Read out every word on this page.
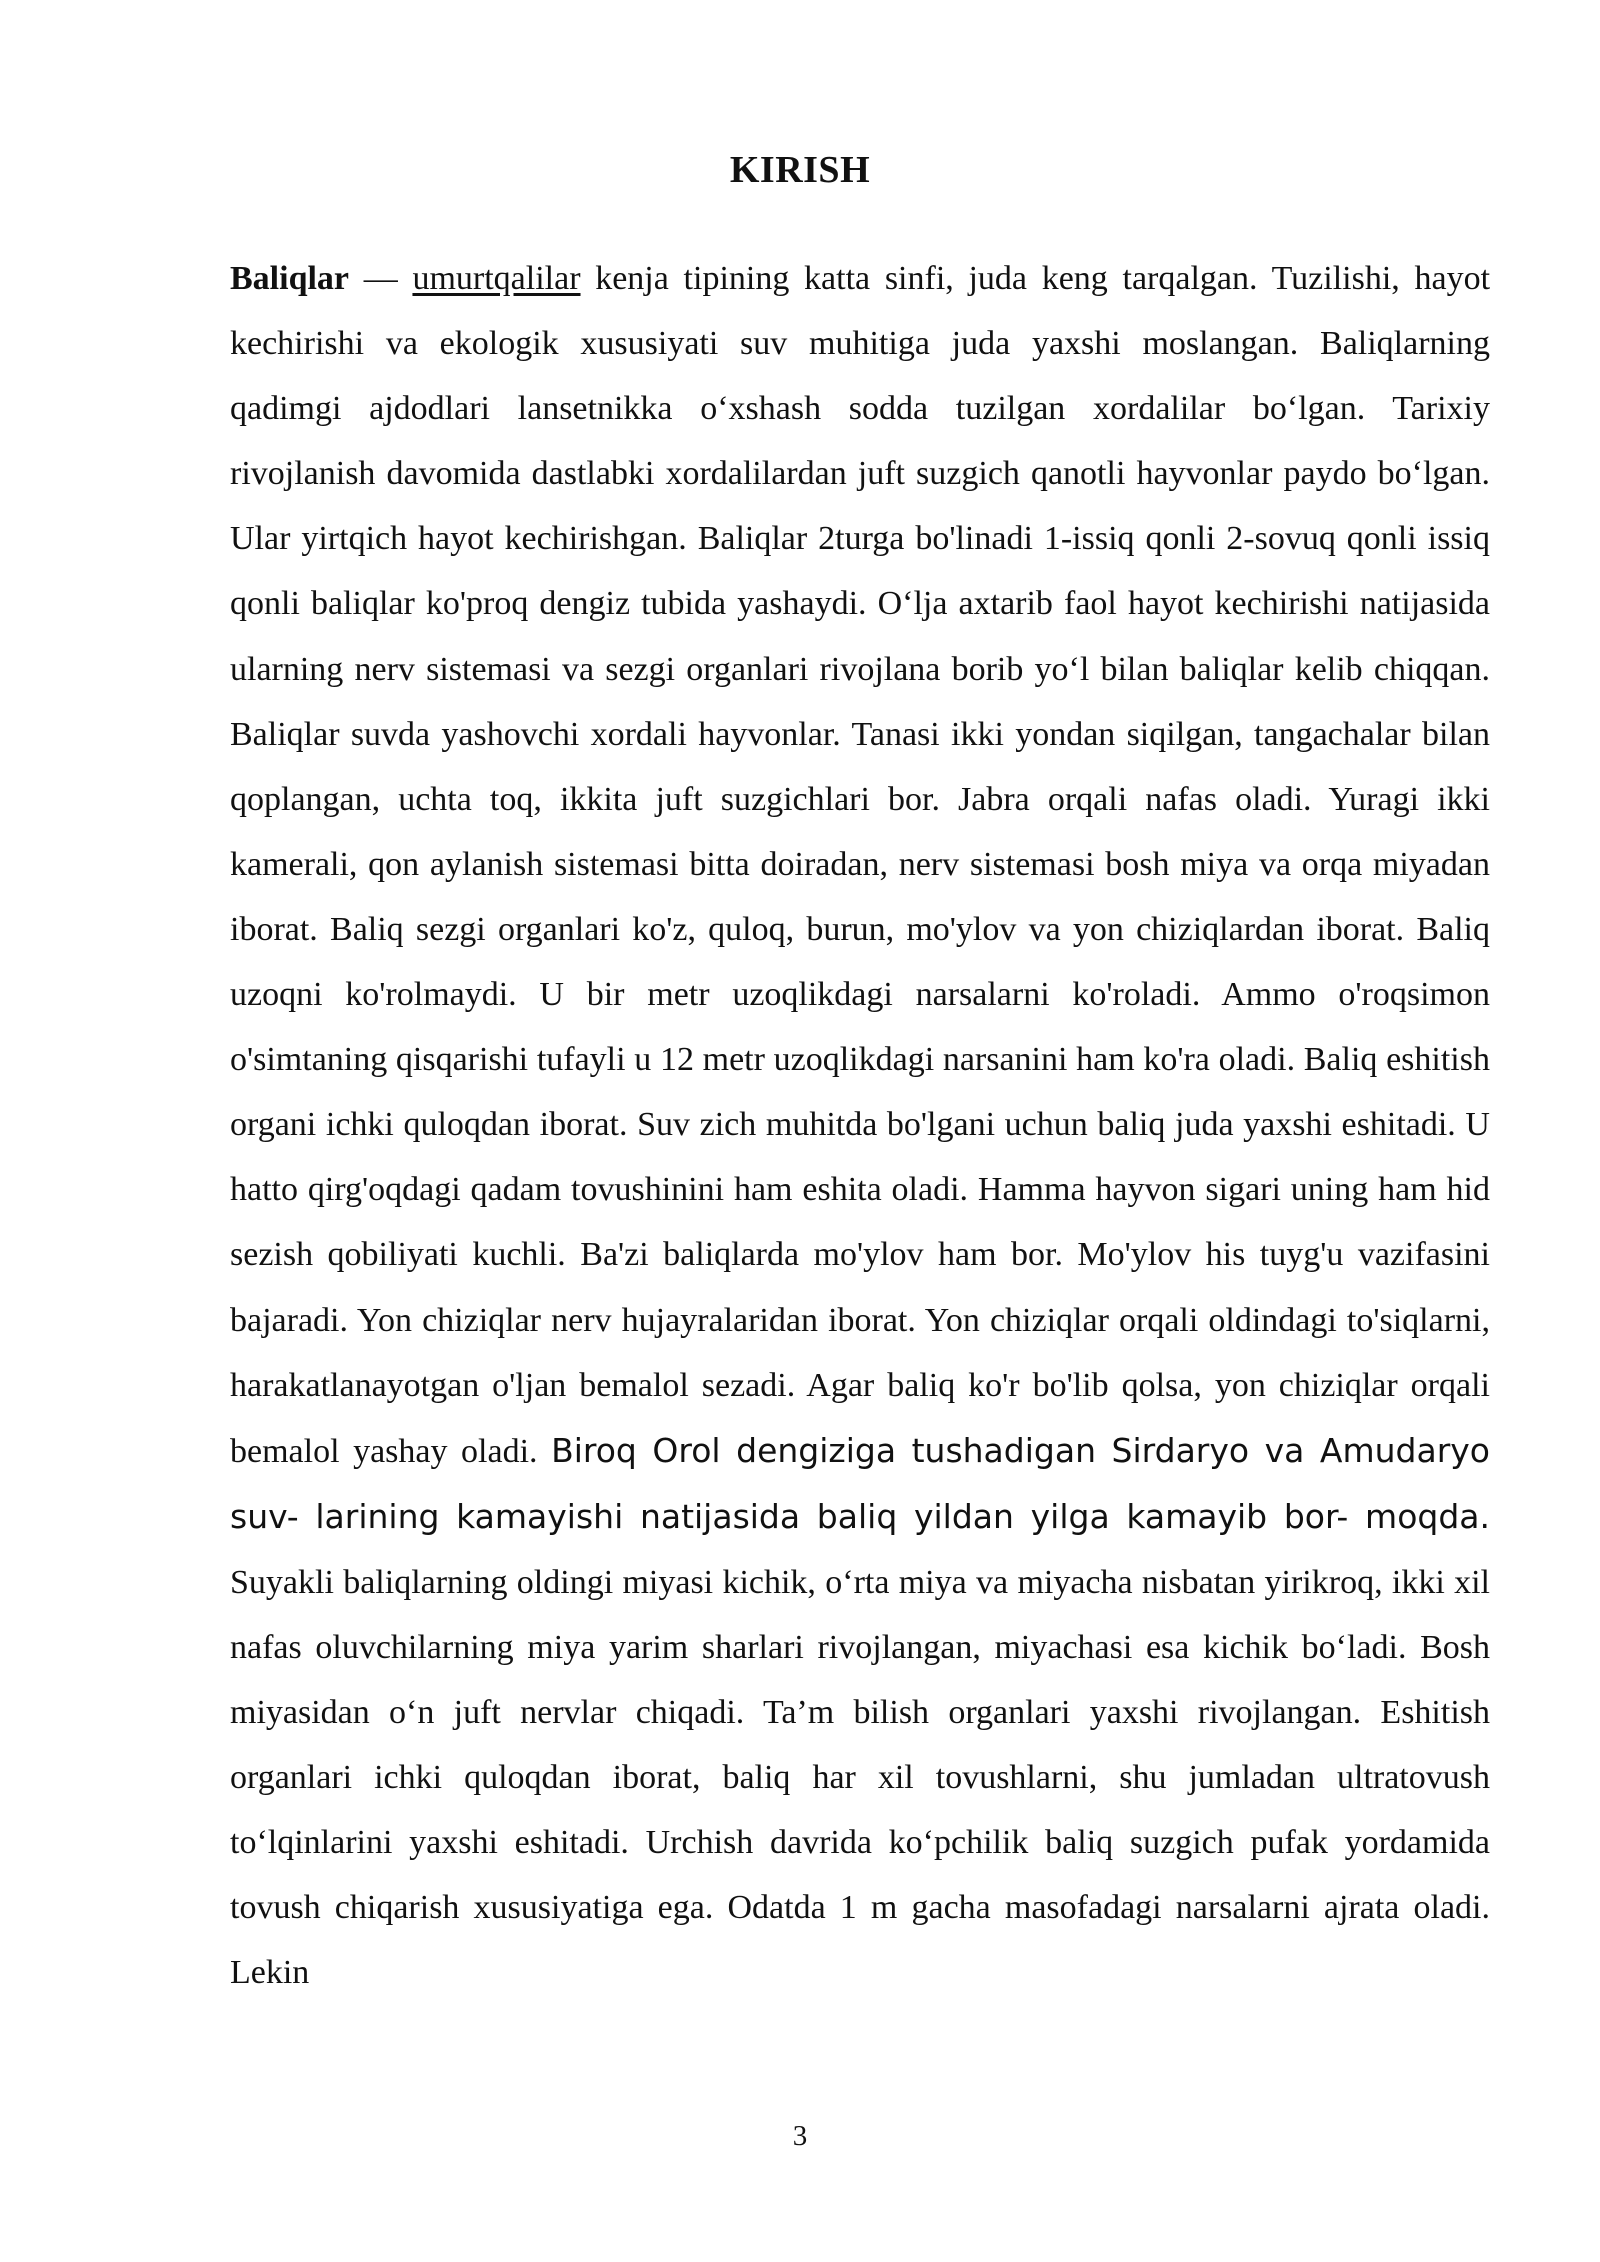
KIRISH
Baliqlar — umurtqalilar kenja tipining katta sinfi, juda keng tarqalgan. Tuzilishi, hayot kechirishi va ekologik xususiyati suv muhitiga juda yaxshi moslangan. Baliqlarning qadimgi ajdodlari lansetnikka o‘xshash sodda tuzilgan xordalilar bo‘lgan. Tarixiy rivojlanish davomida dastlabki xordalilardan juft suzgich qanotli hayvonlar paydo bo‘lgan. Ular yirtqich hayot kechirishgan. Baliqlar 2turga bo'linadi 1-issiq qonli 2-sovuq qonli issiq qonli baliqlar ko'proq dengiz tubida yashaydi. O‘lja axtarib faol hayot kechirishi natijasida ularning nerv sistemasi va sezgi organlari rivojlana borib yo‘l bilan baliqlar kelib chiqqan. Baliqlar suvda yashovchi xordali hayvonlar. Tanasi ikki yondan siqilgan, tangachalar bilan qoplangan, uchta toq, ikkita juft suzgichlari bor. Jabra orqali nafas oladi. Yuragi ikki kamerali, qon aylanish sistemasi bitta doiradan, nerv sistemasi bosh miya va orqa miyadan iborat. Baliq sezgi organlari ko'z, quloq, burun, mo'ylov va yon chiziqlardan iborat. Baliq uzoqni ko'rolmaydi. U bir metr uzoqlikdagi narsalarni ko'roladi. Ammo o'roqsimon o'simtaning qisqarishi tufayli u 12 metr uzoqlikdagi narsanini ham ko'ra oladi. Baliq eshitish organi ichki quloqdan iborat. Suv zich muhitda bo'lgani uchun baliq juda yaxshi eshitadi. U hatto qirg'oqdagi qadam tovushinini ham eshita oladi. Hamma hayvon sigari uning ham hid sezish qobiliyati kuchli. Ba'zi baliqlarda mo'ylov ham bor. Mo'ylov his tuyg'u vazifasini bajaradi. Yon chiziqlar nerv hujayralaridan iborat. Yon chiziqlar orqali oldindagi to'siqlarni, harakatlanayotgan o'ljan bemalol sezadi. Agar baliq ko'r bo'lib qolsa, yon chiziqlar orqali bemalol yashay oladi. Biroq Orol dengiziga tushadigan Sirdaryo va Amudaryo suv- larining kamayishi natijasida baliq yildan yilga kamayib bor- moqda. Suyakli baliqlarning oldingi miyasi kichik, o‘rta miya va miyacha nisbatan yirikroq, ikki xil nafas oluvchilarning miya yarim sharlari rivojlangan, miyachasi esa kichik bo‘ladi. Bosh miyasidan o‘n juft nervlar chiqadi. Ta’m bilish organlari yaxshi rivojlangan. Eshitish organlari ichki quloqdan iborat, baliq har xil tovushlarni, shu jumladan ultratovush to‘lqinlarini yaxshi eshitadi. Urchish davrida ko‘pchilik baliq suzgich pufak yordamida tovush chiqarish xususiyatiga ega. Odatda 1 m gacha masofadagi narsalarni ajrata oladi. Lekin
3
